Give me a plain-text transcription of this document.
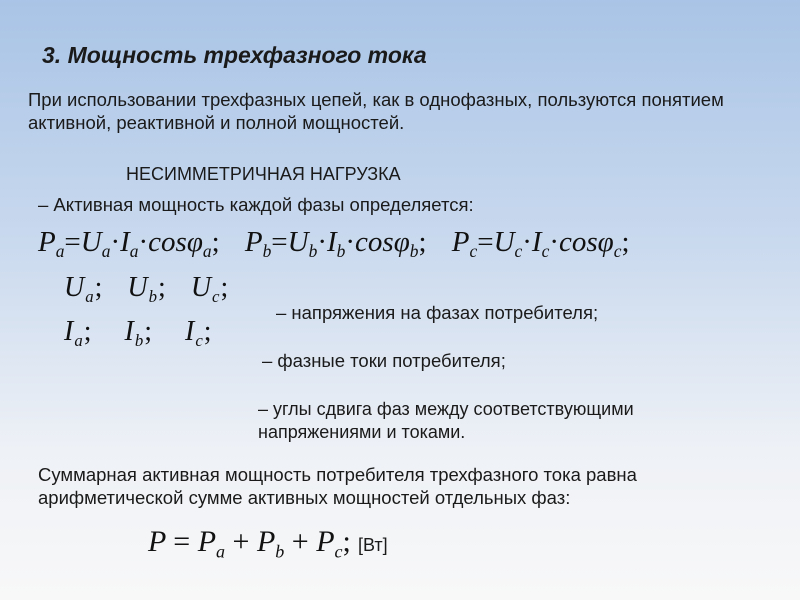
3. Мощность трехфазного тока
При использовании трехфазных цепей, как в однофазных, пользуются понятием активной, реактивной и полной мощностей.
НЕСИММЕТРИЧНАЯ НАГРУЗКА
– Активная мощность каждой фазы определяется:
$P_a=U_a\cdot I_a\cdot\cos\varphi_a$; $P_b=U_b\cdot I_b\cdot\cos\varphi_b$; $P_c=U_c\cdot I_c\cdot\cos\varphi_c$;
$U_a$;   $U_b$;   $U_c$;
$I_a$;    $I_b$;    $I_c$;
– напряжения на фазах потребителя;
– фазные токи потребителя;
– углы сдвига фаз между соответствующими напряжениями и токами.
Суммарная активная мощность потребителя трехфазного тока равна арифметической сумме активных мощностей отдельных фаз:
$P = P_a + P_b + P_c$; [Вт]
